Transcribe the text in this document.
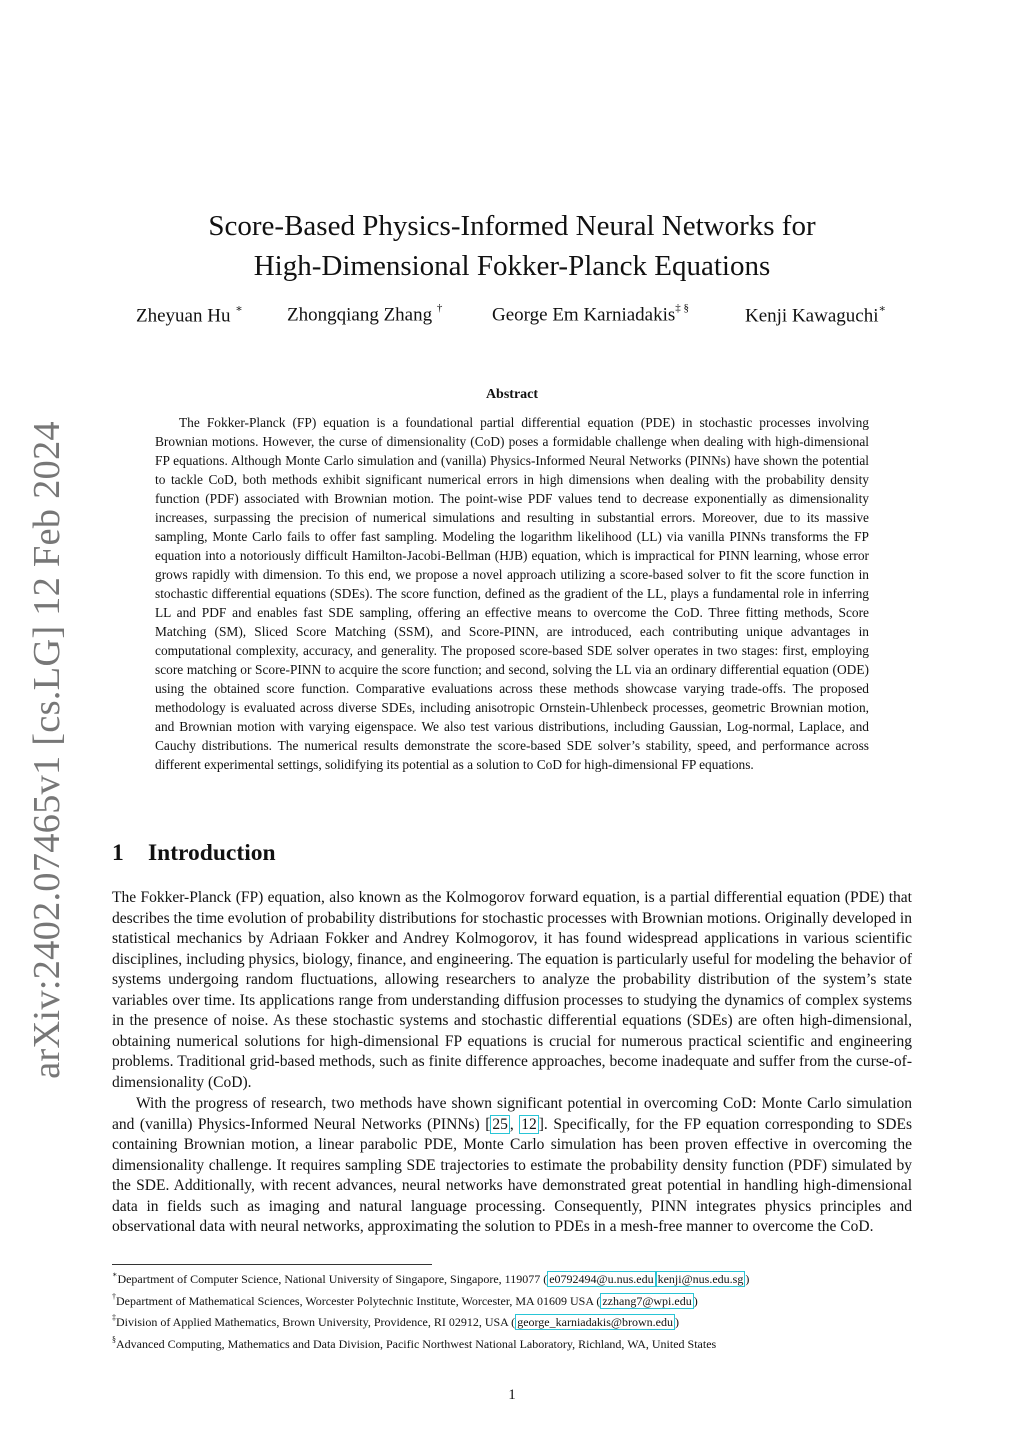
arXiv:2402.07465v1 [cs.LG] 12 Feb 2024
Score-Based Physics-Informed Neural Networks for
High-Dimensional Fokker-Planck Equations
Zheyuan Hu ∗ Zhongqiang Zhang †	George Em Karniadakis‡ §	Kenji Kawaguchi∗
Abstract

The Fokker-Planck (FP) equation is a foundational partial differential equation (PDE) in stochastic processes involving Brownian motions. However, the curse of dimensionality (CoD) poses a formidable challenge when dealing with high-dimensional FP equations. Although Monte Carlo simulation and (vanilla) Physics-Informed Neural Networks (PINNs) have shown the potential to tackle CoD, both methods exhibit significant numerical errors in high dimensions when dealing with the probability density function (PDF) associated with Brownian motion. The point-wise PDF values tend to decrease exponentially as dimensionality increases, surpassing the precision of numerical simulations and resulting in substantial errors. Moreover, due to its massive sampling, Monte Carlo fails to offer fast sampling. Modeling the logarithm likelihood (LL) via vanilla PINNs transforms the FP equation into a notoriously difficult Hamilton-Jacobi-Bellman (HJB) equation, which is impractical for PINN learning, whose error grows rapidly with dimension. To this end, we propose a novel approach utilizing a score-based solver to fit the score function in stochastic differential equations (SDEs). The score function, defined as the gradient of the LL, plays a fundamental role in inferring LL and PDF and enables fast SDE sampling, offering an effective means to overcome the CoD. Three fitting methods, Score Matching (SM), Sliced Score Matching (SSM), and Score-PINN, are introduced, each contributing unique advantages in computational complexity, accuracy, and generality. The proposed score-based SDE solver operates in two stages: first, employing score matching or Score-PINN to acquire the score function; and second, solving the LL via an ordinary differential equation (ODE) using the obtained score function. Comparative evaluations across these methods showcase varying trade-offs. The proposed methodology is evaluated across diverse SDEs, including anisotropic Ornstein-Uhlenbeck processes, geometric Brownian motion, and Brownian motion with varying eigenspace. We also test various distributions, including Gaussian, Log-normal, Laplace, and Cauchy distributions. The numerical results demonstrate the score-based SDE solver’s stability, speed, and performance across different experimental settings, solidifying its potential as a solution to CoD for high-dimensional FP equations.

1 Introduction

The Fokker-Planck (FP) equation, also known as the Kolmogorov forward equation, is a partial differential equation (PDE) that describes the time evolution of probability distributions for stochastic processes with Brownian motions. Originally developed in statistical mechanics by Adriaan Fokker and Andrey Kolmogorov, it has found widespread applications in various scientific disciplines, including physics, biology, finance, and engineering. The equation is particularly useful for modeling the behavior of systems undergoing random fluctuations, allowing researchers to analyze the probability distribution of the system’s state variables over time. Its applications range from understanding diffusion processes to studying the dynamics of complex systems in the presence of noise. As these stochastic systems and stochastic differential equations (SDEs) are often high-dimensional, obtaining numerical solutions for high-dimensional FP equations is crucial for numerous practical scientific and engineering problems. Traditional grid-based methods, such as finite difference approaches, become inadequate and suffer from the curse-of-dimensionality (CoD).

With the progress of research, two methods have shown significant potential in overcoming CoD: Monte Carlo simulation and (vanilla) Physics-Informed Neural Networks (PINNs) [ 25 , 12 ]. Specifically, for the FP equation corresponding to SDEs containing Brownian motion, a linear parabolic PDE, Monte Carlo simulation has been proven effective in overcoming the dimensionality challenge. It requires sampling SDE trajectories to estimate the probability density function (PDF) simulated by the SDE. Additionally, with recent advances, neural networks have demonstrated great potential in handling high-dimensional data in fields such as imaging and natural language processing. Consequently, PINN integrates physics principles and observational data with neural networks, approximating the solution to PDEs in a mesh-free manner to overcome the CoD.

∗Department of Computer Science, National University of Singapore, Singapore, 119077 ( e0792494@u.nus.edu kenji@nus.edu.sg )
†Department of Mathematical Sciences, Worcester Polytechnic Institute, Worcester, MA 01609 USA ( zzhang7@wpi.edu )
‡Division of Applied Mathematics, Brown University, Providence, RI 02912, USA ( george_karniadakis@brown.edu )
§Advanced Computing, Mathematics and Data Division, Pacific Northwest National Laboratory, Richland, WA, United States
1
